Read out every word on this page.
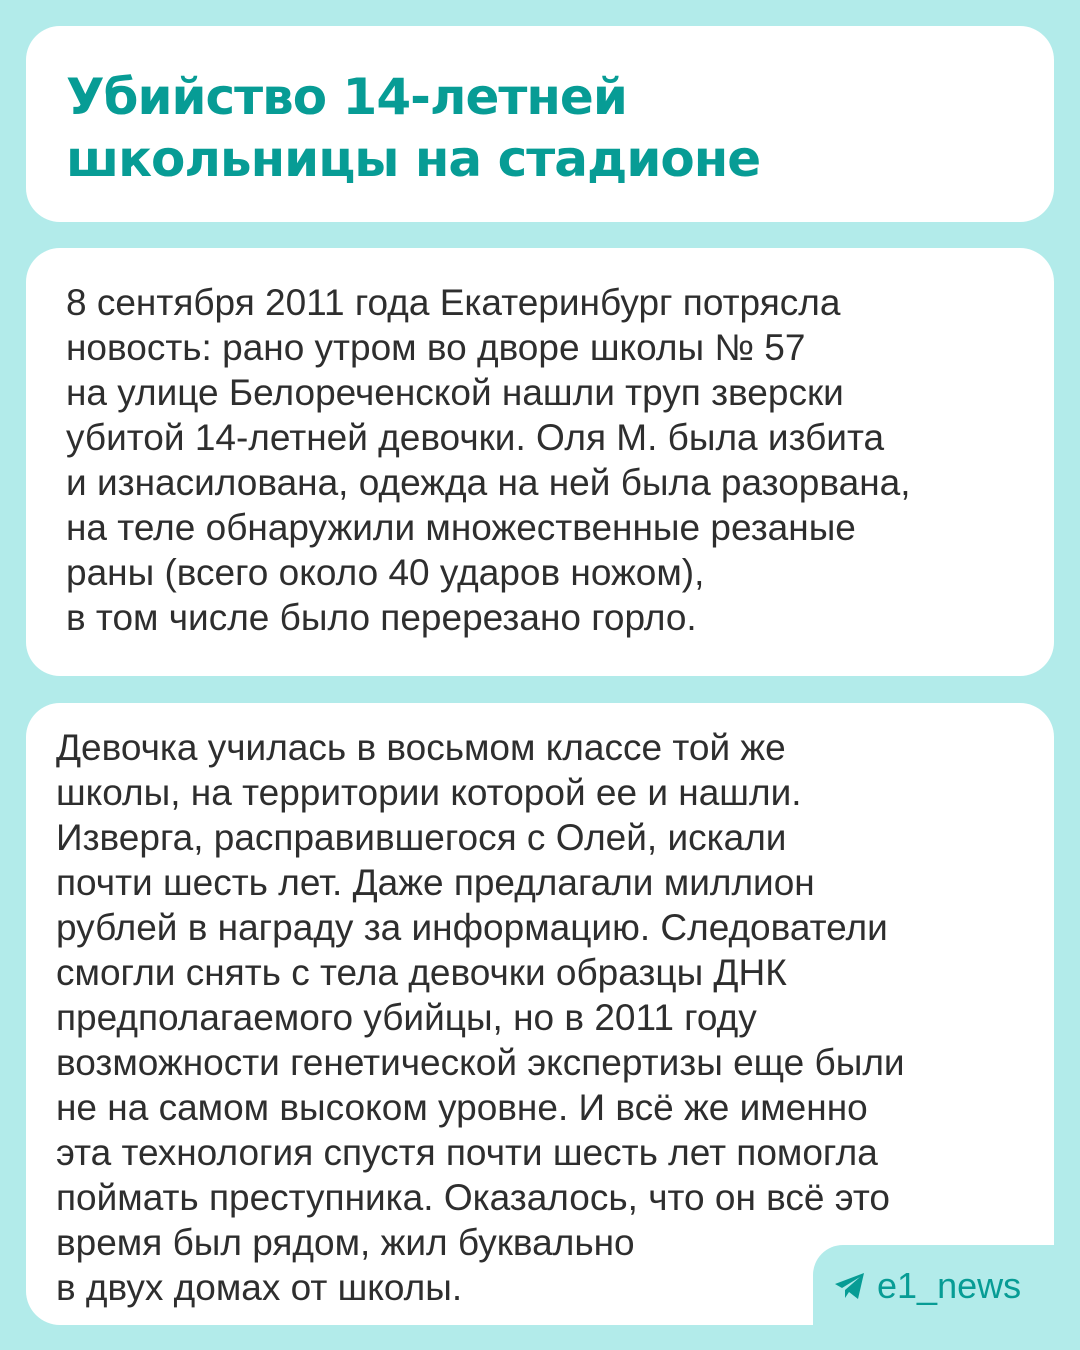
Убийство 14-летней
школьницы на стадионе
8 сентября 2011 года Екатеринбург потрясла
новость: рано утром во дворе школы № 57
на улице Белореченской нашли труп зверски
убитой 14-летней девочки. Оля М. была избита
и изнасилована, одежда на ней была разорвана,
на теле обнаружили множественные резаные
раны (всего около 40 ударов ножом),
в том числе было перерезано горло.
Девочка училась в восьмом классе той же
школы, на территории которой ее и нашли.
Изверга, расправившегося с Олей, искали
почти шесть лет. Даже предлагали миллион
рублей в награду за информацию. Следователи
смогли снять с тела девочки образцы ДНК
предполагаемого убийцы, но в 2011 году
возможности генетической экспертизы еще были
не на самом высоком уровне. И всё же именно
эта технология спустя почти шесть лет помогла
поймать преступника. Оказалось, что он всё это
время был рядом, жил буквально
в двух домах от школы.	e1_news
